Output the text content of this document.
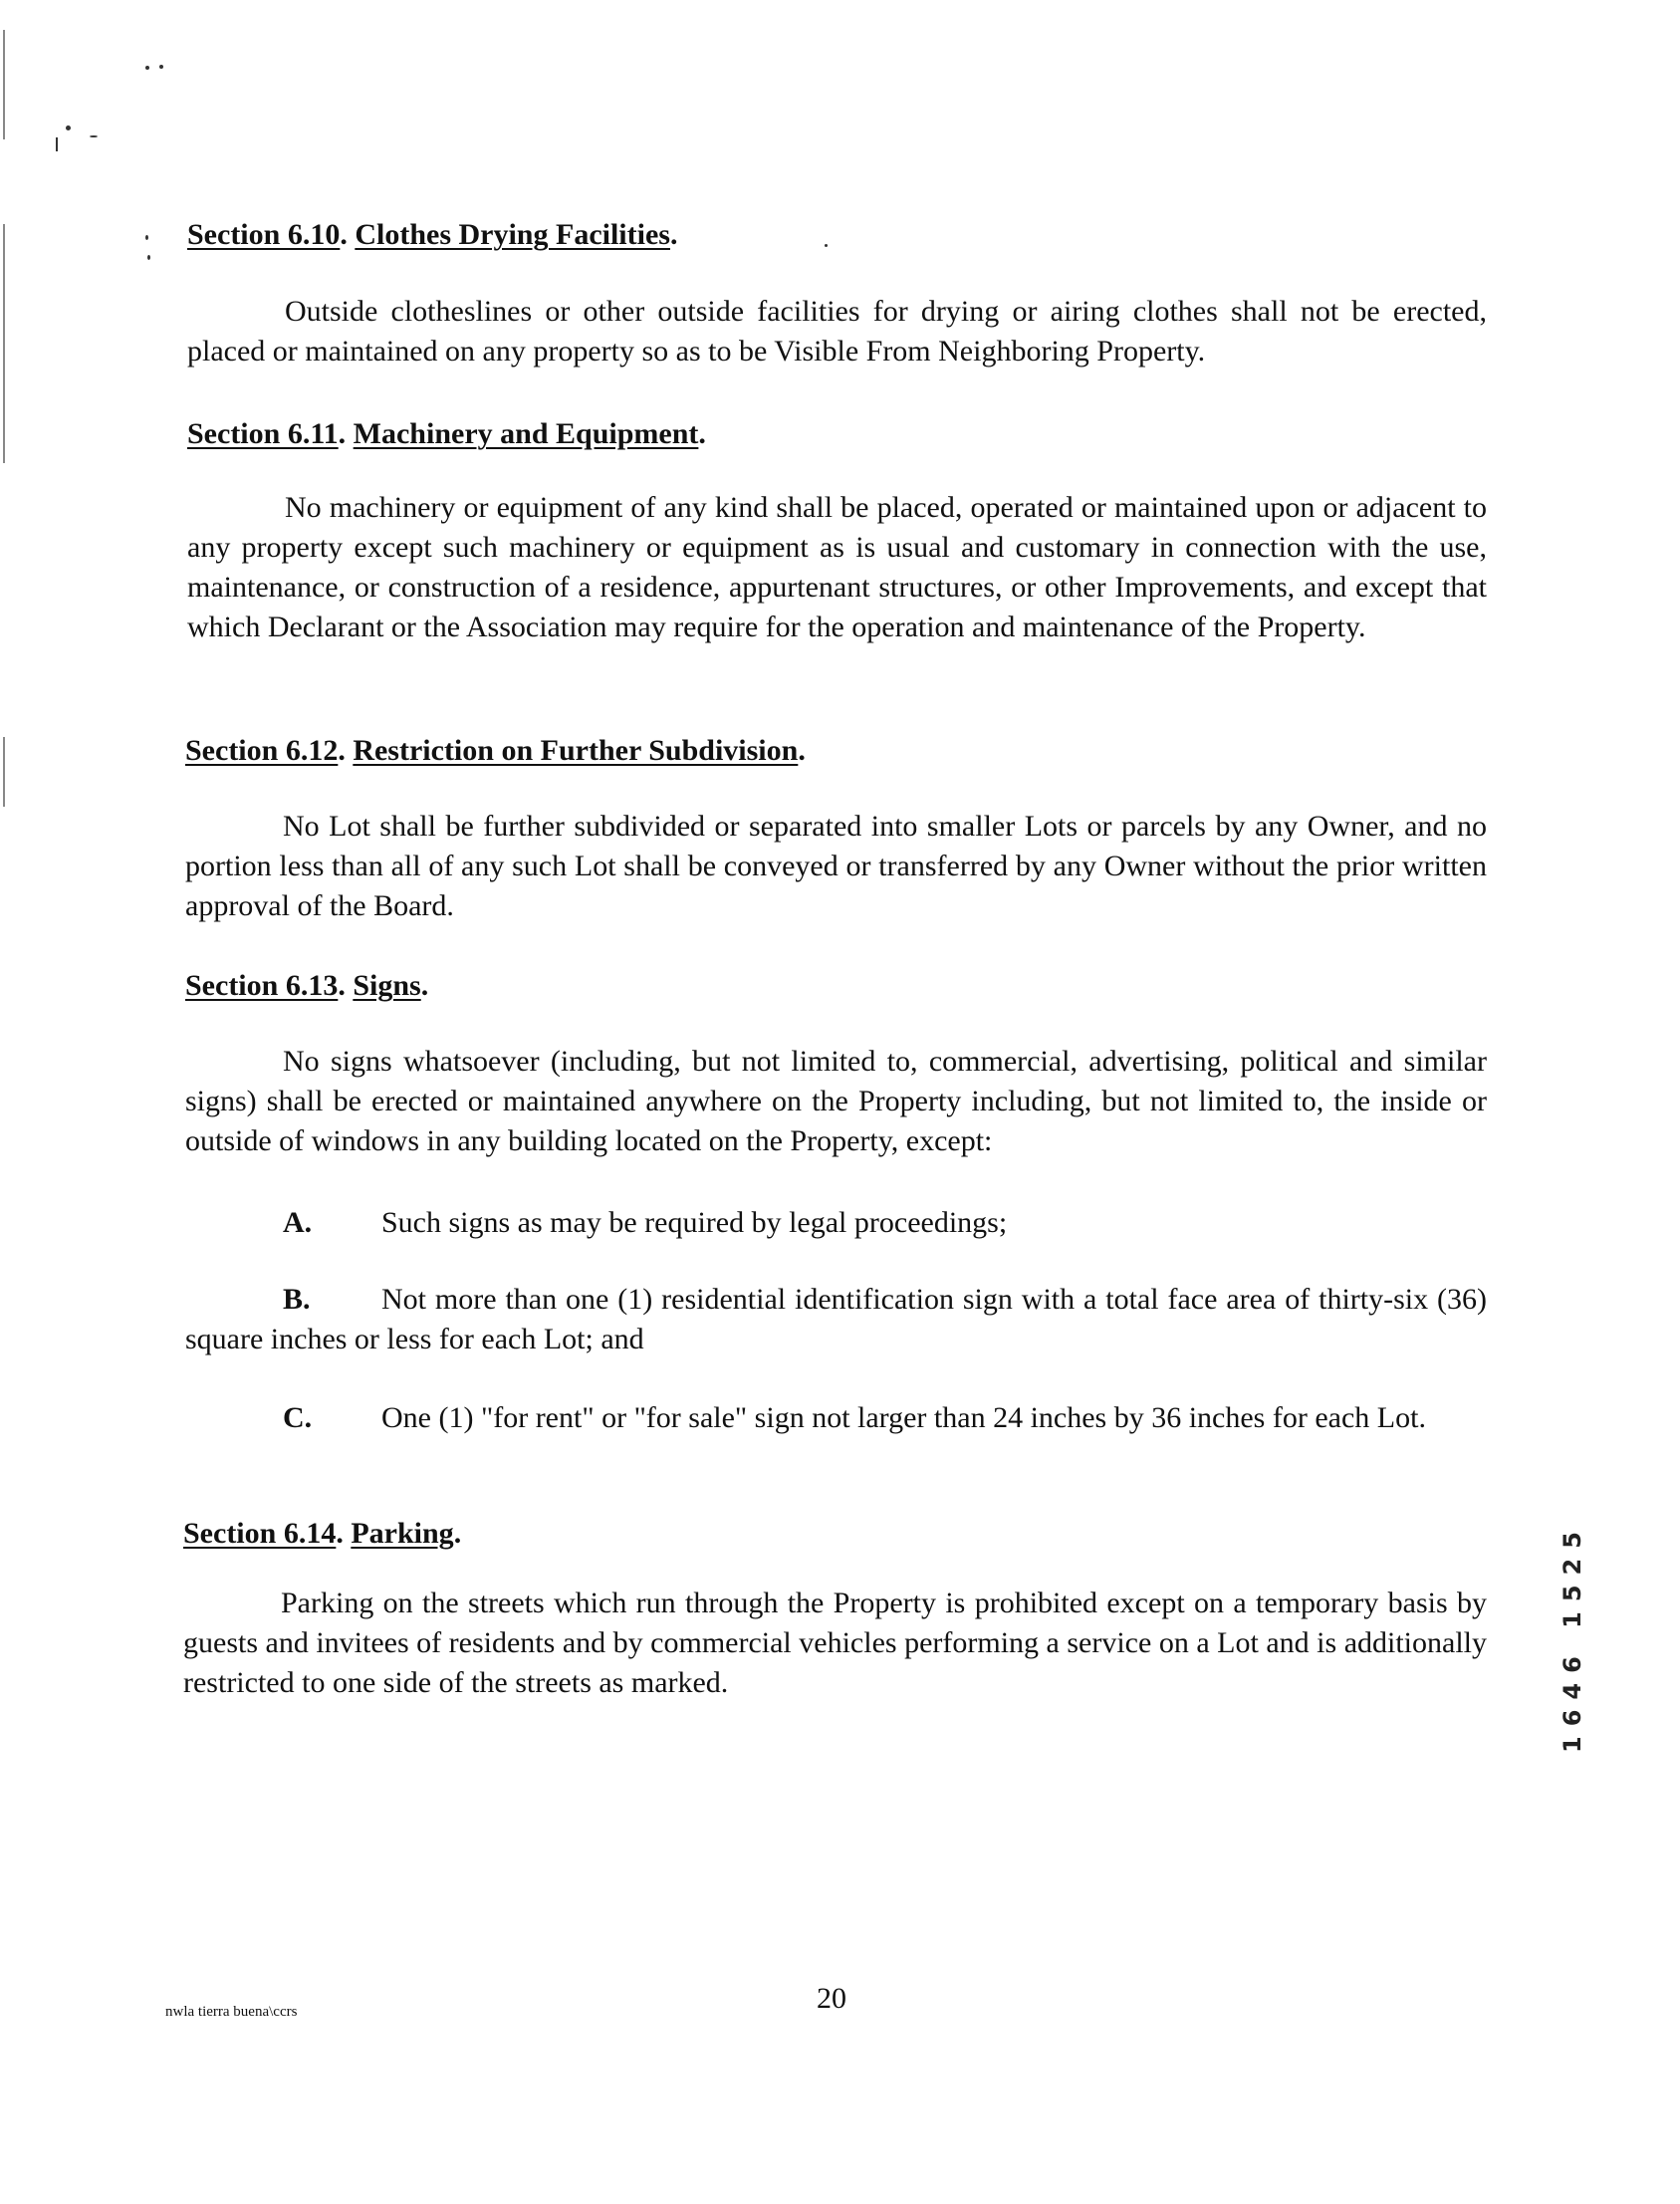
Section 6.10. Clothes Drying Facilities.
Outside clotheslines or other outside facilities for drying or airing clothes shall not be erected, placed or maintained on any property so as to be Visible From Neighboring Property.
Section 6.11. Machinery and Equipment.
No machinery or equipment of any kind shall be placed, operated or maintained upon or adjacent to any property except such machinery or equipment as is usual and customary in connection with the use, maintenance, or construction of a residence, appurtenant structures, or other Improvements, and except that which Declarant or the Association may require for the operation and maintenance of the Property.
Section 6.12. Restriction on Further Subdivision.
No Lot shall be further subdivided or separated into smaller Lots or parcels by any Owner, and no portion less than all of any such Lot shall be conveyed or transferred by any Owner without the prior written approval of the Board.
Section 6.13. Signs.
No signs whatsoever (including, but not limited to, commercial, advertising, political and similar signs) shall be erected or maintained anywhere on the Property including, but not limited to, the inside or outside of windows in any building located on the Property, except:
A. Such signs as may be required by legal proceedings;
B. Not more than one (1) residential identification sign with a total face area of thirty-six (36) square inches or less for each Lot; and
C. One (1) "for rent" or "for sale" sign not larger than 24 inches by 36 inches for each Lot.
Section 6.14. Parking.
Parking on the streets which run through the Property is prohibited except on a temporary basis by guests and invitees of residents and by commercial vehicles performing a service on a Lot and is additionally restricted to one side of the streets as marked.	1646 1525
nwla tierra buena\ccrs	20
